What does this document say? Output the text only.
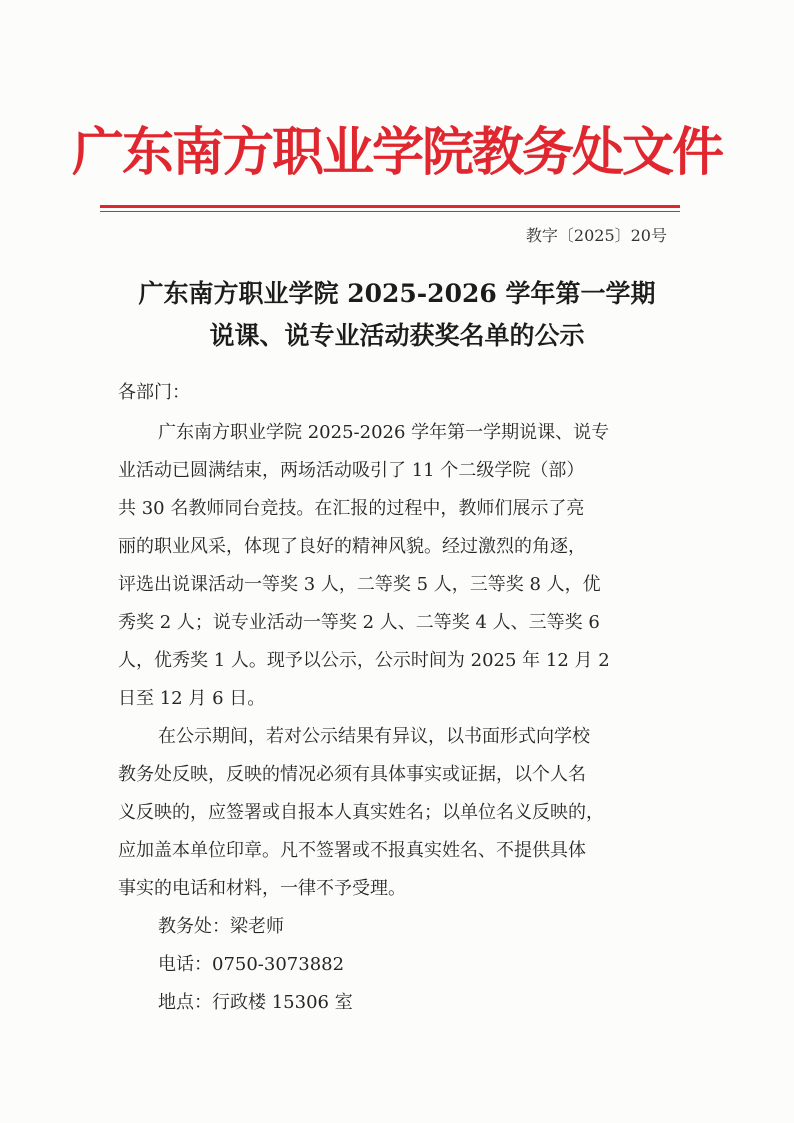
广东南方职业学院教务处文件
教字〔2025〕20号
广东南方职业学院 2025-2026 学年第一学期
说课、说专业活动获奖名单的公示
各部门：
广东南方职业学院 2025-2026 学年第一学期说课、说专
业活动已圆满结束，两场活动吸引了 11 个二级学院（部）
共 30 名教师同台竞技。在汇报的过程中，教师们展示了亮
丽的职业风采，体现了良好的精神风貌。经过激烈的角逐，
评选出说课活动一等奖 3 人，二等奖 5 人，三等奖 8 人，优
秀奖 2 人；说专业活动一等奖 2 人、二等奖 4 人、三等奖 6
人，优秀奖 1 人。现予以公示，公示时间为 2025 年 12 月 2
日至 12 月 6 日。
在公示期间，若对公示结果有异议，以书面形式向学校
教务处反映，反映的情况必须有具体事实或证据，以个人名
义反映的，应签署或自报本人真实姓名；以单位名义反映的，
应加盖本单位印章。凡不签署或不报真实姓名、不提供具体
事实的电话和材料，一律不予受理。
教务处：梁老师
电话：0750-3073882
地点：行政楼 15306 室
